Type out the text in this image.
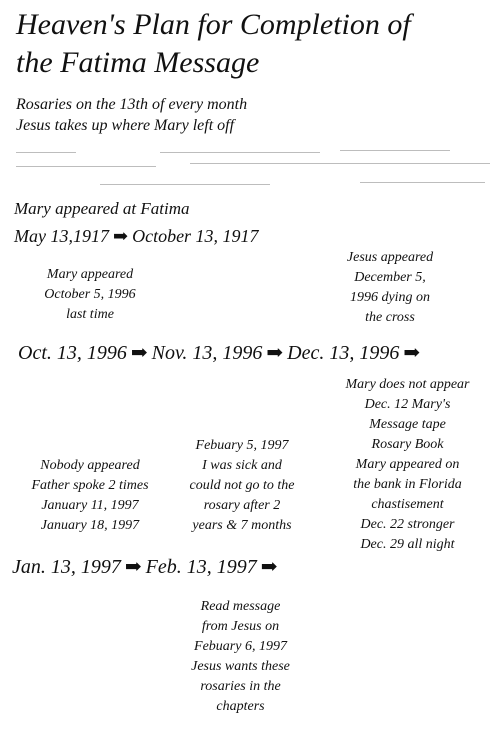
Heaven's Plan for Completion of
the Fatima Message
Rosaries on the 13th of every month
Jesus takes up where Mary left off
Mary appeared at Fatima
May 13,1917 ➡ October 13, 1917
Mary appeared
October 5, 1996
last time
Jesus appeared
December 5,
1996 dying on
the cross
Oct. 13, 1996 ➡ Nov. 13, 1996 ➡ Dec. 13, 1996 ➡
Mary does not appear
Dec. 12 Mary's
Message tape
Rosary Book
Mary appeared on
the bank in Florida
chastisement
Dec. 22 stronger
Dec. 29 all night
Nobody appeared
Father spoke 2 times
January 11, 1997
January 18, 1997
Febuary 5, 1997
I was sick and
could not go to the
rosary after 2
years & 7 months
Jan. 13, 1997 ➡ Feb. 13, 1997 ➡
Read message
from Jesus on
Febuary 6, 1997
Jesus wants these
rosaries in the
chapters
